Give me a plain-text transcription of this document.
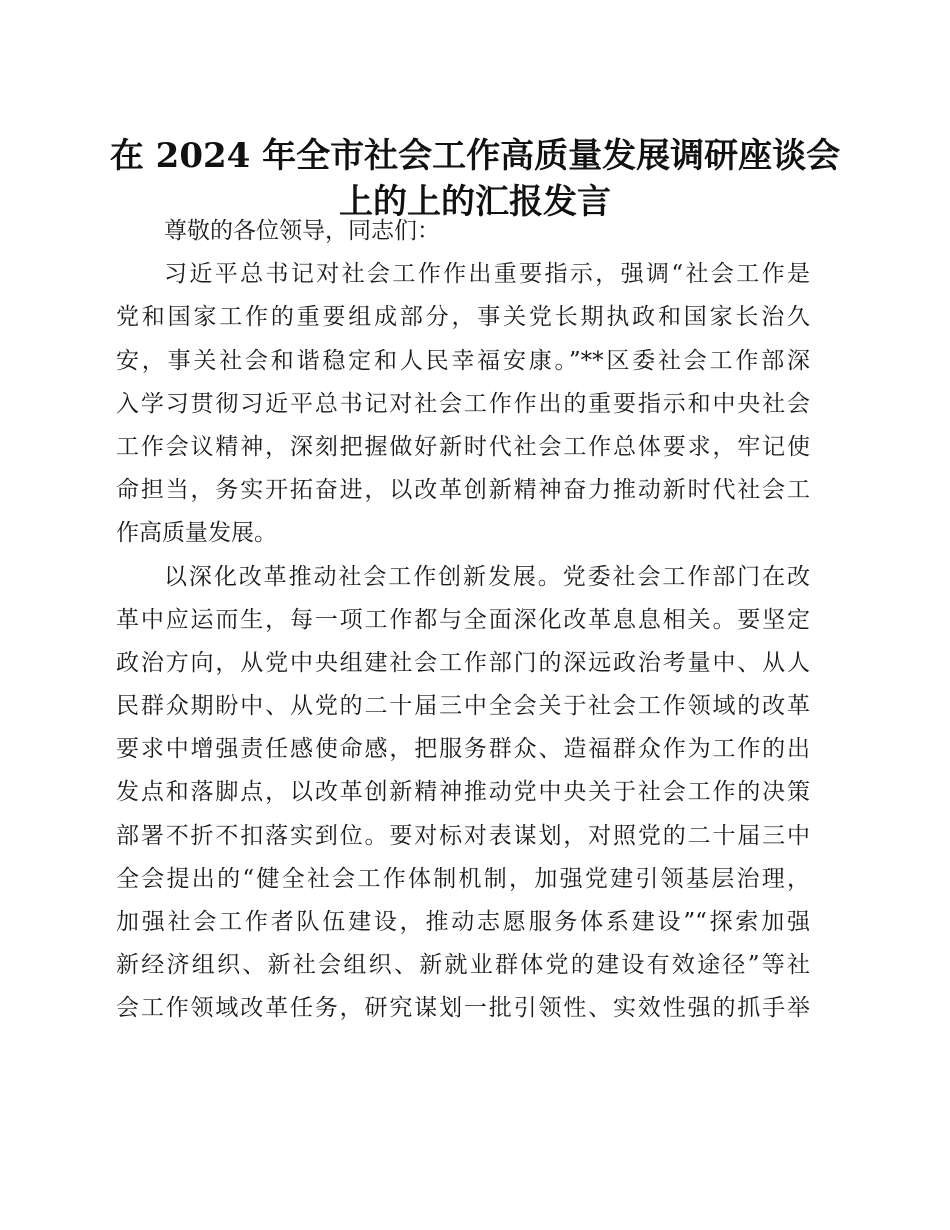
在 2024 年全市社会工作高质量发展调研座谈会
上的上的汇报发言

尊敬的各位领导，同志们：

习近平总书记对社会工作作出重要指示，强调“社会工作是
党和国家工作的重要组成部分，事关党长期执政和国家长治久
安，事关社会和谐稳定和人民幸福安康。”**区委社会工作部深
入学习贯彻习近平总书记对社会工作作出的重要指示和中央社会
工作会议精神，深刻把握做好新时代社会工作总体要求，牢记使
命担当，务实开拓奋进，以改革创新精神奋力推动新时代社会工
作高质量发展。

以深化改革推动社会工作创新发展。党委社会工作部门在改
革中应运而生，每一项工作都与全面深化改革息息相关。要坚定
政治方向，从党中央组建社会工作部门的深远政治考量中、从人
民群众期盼中、从党的二十届三中全会关于社会工作领域的改革
要求中增强责任感使命感，把服务群众、造福群众作为工作的出
发点和落脚点，以改革创新精神推动党中央关于社会工作的决策
部署不折不扣落实到位。要对标对表谋划，对照党的二十届三中
全会提出的“健全社会工作体制机制，加强党建引领基层治理，
加强社会工作者队伍建设，推动志愿服务体系建设”“探索加强
新经济组织、新社会组织、新就业群体党的建设有效途径”等社
会工作领域改革任务，研究谋划一批引领性、实效性强的抓手举
